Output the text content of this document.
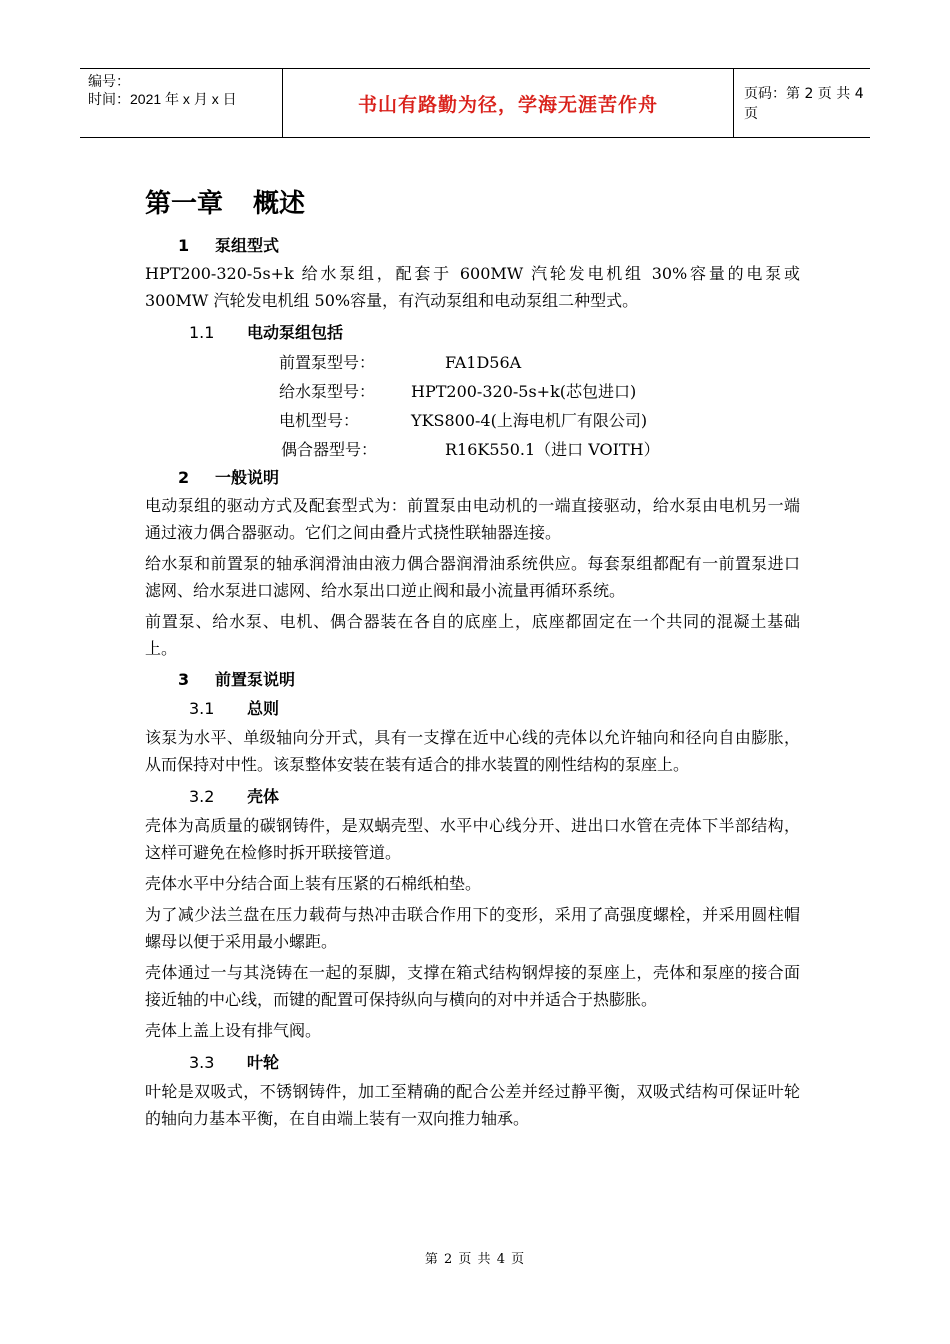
编号：
时间：2021 年 x 月 x 日	书山有路勤为径，学海无涯苦作舟	页码：第 2 页 共 4 页
第一章 概述
1 泵组型式

HPT200-320-5s+k 给水泵组，配套于 600MW 汽轮发电机组 30%容量的电泵或 300MW 汽轮发电机组 50%容量，有汽动泵组和电动泵组二种型式。

1.1 电动泵组包括
前置泵型号：	FA1D56A
给水泵型号： HPT200-320-5s+k(芯包进口)
电机型号：	YKS800-4(上海电机厂有限公司)
偶合器型号：	R16K550.1（进口 VOITH）
2 一般说明

电动泵组的驱动方式及配套型式为：前置泵由电动机的一端直接驱动，给水泵由电机另一端通过液力偶合器驱动。它们之间由叠片式挠性联轴器连接。

给水泵和前置泵的轴承润滑油由液力偶合器润滑油系统供应。每套泵组都配有一前置泵进口滤网、给水泵进口滤网、给水泵出口逆止阀和最小流量再循环系统。

前置泵、给水泵、电机、偶合器装在各自的底座上，底座都固定在一个共同的混凝土基础上。

3 前置泵说明
3.1 总则

该泵为水平、单级轴向分开式，具有一支撑在近中心线的壳体以允许轴向和径向自由膨胀，从而保持对中性。该泵整体安装在装有适合的排水装置的刚性结构的泵座上。

3.2 壳体

壳体为高质量的碳钢铸件，是双蜗壳型、水平中心线分开、进出口水管在壳体下半部结构，这样可避免在检修时拆开联接管道。

壳体水平中分结合面上装有压紧的石棉纸柏垫。

为了减少法兰盘在压力载荷与热冲击联合作用下的变形，采用了高强度螺栓，并采用圆柱帽螺母以便于采用最小螺距。

壳体通过一与其浇铸在一起的泵脚，支撑在箱式结构钢焊接的泵座上，壳体和泵座的接合面接近轴的中心线，而键的配置可保持纵向与横向的对中并适合于热膨胀。

壳体上盖上设有排气阀。

3.3 叶轮

叶轮是双吸式，不锈钢铸件，加工至精确的配合公差并经过静平衡，双吸式结构可保证叶轮的轴向力基本平衡，在自由端上装有一双向推力轴承。

第 2 页 共 4 页
